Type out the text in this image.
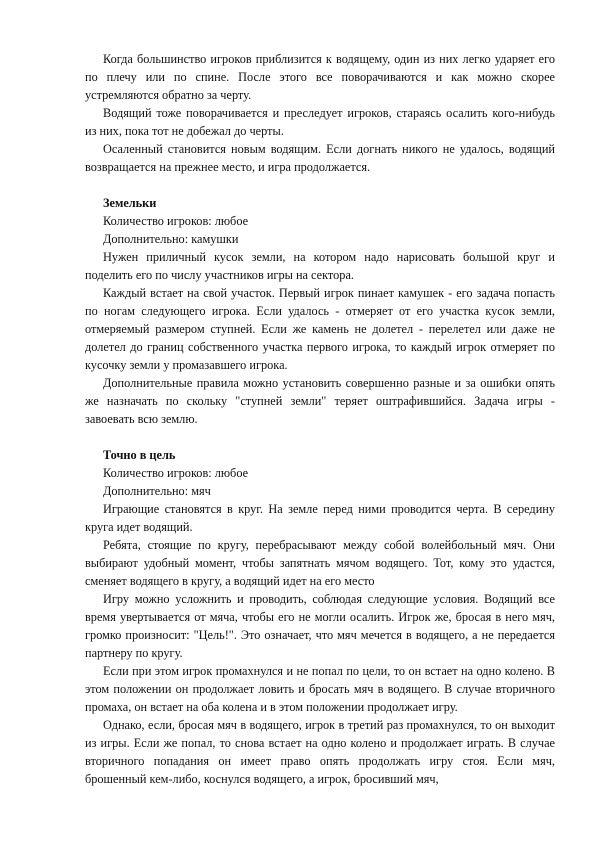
Когда большинство игроков приблизится к водящему, один из них легко ударяет его по плечу или по спине. После этого все поворачиваются и как можно скорее устремляются обратно за черту.

Водящий тоже поворачивается и преследует игроков, стараясь осалить кого-нибудь из них, пока тот не добежал до черты.

Осаленный становится новым водящим. Если догнать никого не удалось, водящий возвращается на прежнее место, и игра продолжается.

Земельки

Количество игроков: любое

Дополнительно: камушки

Нужен приличный кусок земли, на котором надо нарисовать большой круг и поделить его по числу участников игры на сектора.

Каждый встает на свой участок. Первый игрок пинает камушек - его задача попасть по ногам следующего игрока. Если удалось - отмеряет от его участка кусок земли, отмеряемый размером ступней. Если же камень не долетел - перелетел или даже не долетел до границ собственного участка первого игрока, то каждый игрок отмеряет по кусочку земли у промазавшего игрока.

Дополнительные правила можно установить совершенно разные и за ошибки опять же назначать по скольку "ступней земли" теряет оштрафившийся. Задача игры - завоевать всю землю.

Точно в цель

Количество игроков: любое

Дополнительно: мяч

Играющие становятся в круг. На земле перед ними проводится черта. В середину круга идет водящий.

Ребята, стоящие по кругу, перебрасывают между собой волейбольный мяч. Они выбирают удобный момент, чтобы запятнать мячом водящего. Тот, кому это удастся, сменяет водящего в кругу, а водящий идет на его место

Игру можно усложнить и проводить, соблюдая следующие условия. Водящий все время увертывается от мяча, чтобы его не могли осалить. Игрок же, бросая в него мяч, громко произносит: "Цель!". Это означает, что мяч мечется в водящего, а не передается партнеру по кругу.

Если при этом игрок промахнулся и не попал по цели, то он встает на одно колено. В этом положении он продолжает ловить и бросать мяч в водящего. В случае вторичного промаха, он встает на оба колена и в этом положении продолжает игру.

Однако, если, бросая мяч в водящего, игрок в третий раз промахнулся, то он выходит из игры. Если же попал, то снова встает на одно колено и продолжает играть. В случае вторичного попадания он имеет право опять продолжать игру стоя. Если мяч, брошенный кем-либо, коснулся водящего, а игрок, бросивший мяч,
